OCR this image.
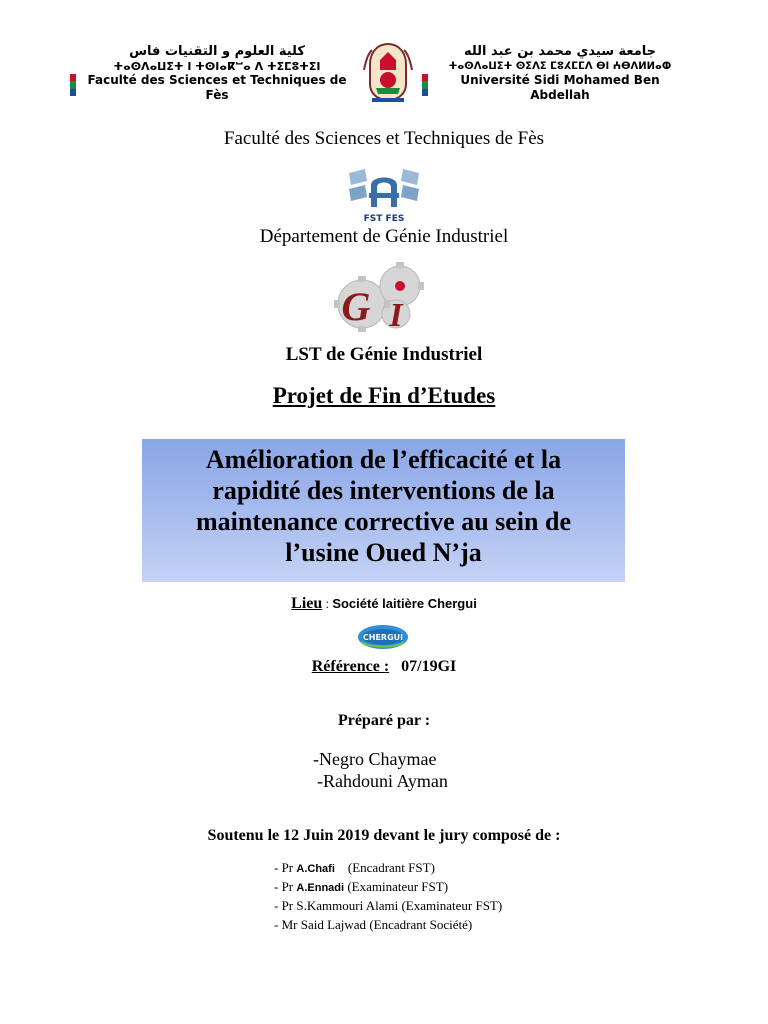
كلية العلوم و التقنيات فاس
ⵜⴰⵙⴷⴰⵡⵉⵜ ⵏ ⵜⵙⵏⴰⴽⵯⴰ ⴷ ⵜⵉⵎⵓⵜⵉⵏ
Faculté des Sciences et Techniques de Fès
جامعة سيدي محمد بن عبد الله
ⵜⴰⵙⴷⴰⵡⵉⵜ ⵙⵉⴷⵉ ⵎⵓⵃⵎⵎⴷ ⴱⵏ ⵄⴱⴷⵍⵍⴰⵀ
Université Sidi Mohamed Ben Abdellah
Faculté des Sciences et Techniques de Fès
FST FES
Département de Génie Industriel
G I
LST de Génie Industriel
Projet de Fin d’Etudes
Amélioration de l’efficacité et la
rapidité des interventions de la
maintenance corrective au sein de
l’usine Oued N’ja
Lieu : Société laitière Chergui
CHERGUI
Référence : 07/19GI
Préparé par :
-Negro Chaymae
-Rahdouni Ayman
Soutenu le 12 Juin 2019 devant le jury composé de :
- Pr A.Chafi    (Encadrant FST)
- Pr A.Ennadi (Examinateur FST)
- Pr S.Kammouri Alami (Examinateur FST)
- Mr Said Lajwad (Encadrant Société)
